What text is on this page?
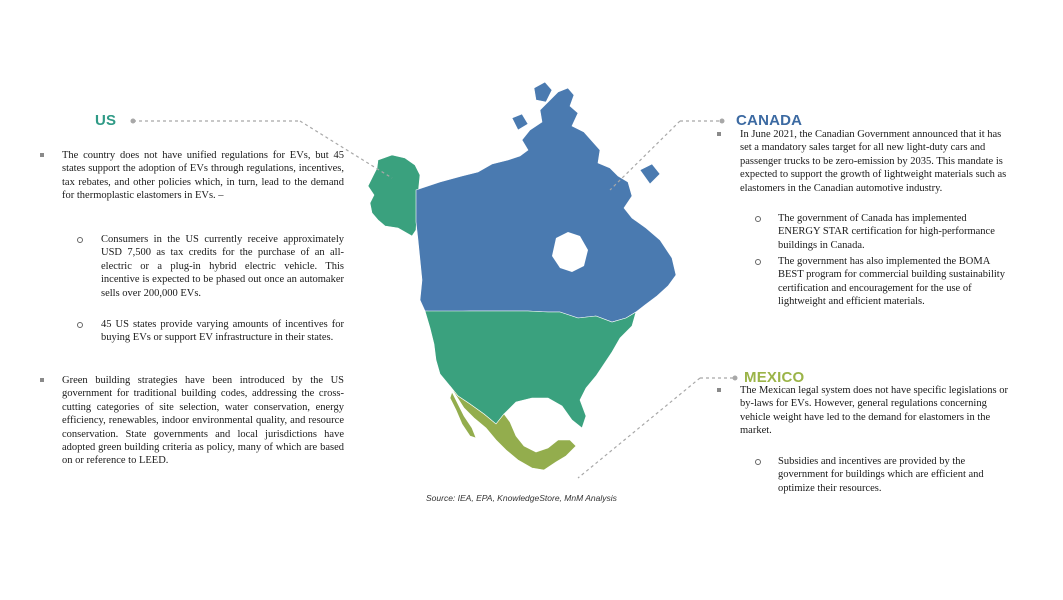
US

The country does not have unified regulations for EVs, but 45 states support the adoption of EVs through regulations, incentives, tax rebates, and other policies which, in turn, lead to the demand for thermoplastic elastomers in EVs. –

Consumers in the US currently receive approximately USD 7,500 as tax credits for the purchase of an all-electric or a plug-in hybrid electric vehicle. This incentive is expected to be phased out once an automaker sells over 200,000 EVs.

45 US states provide varying amounts of incentives for buying EVs or support EV infrastructure in their states.

Green building strategies have been introduced by the US government for traditional building codes, addressing the cross-cutting categories of site selection, water conservation, energy efficiency, renewables, indoor environmental quality, and resource conservation. State governments and local jurisdictions have adopted green building criteria as policy, many of which are based on or reference to LEED.

CANADA

In June 2021, the Canadian Government announced that it has set a mandatory sales target for all new light-duty cars and passenger trucks to be zero-emission by 2035. This mandate is expected to support the growth of lightweight materials such as elastomers in the Canadian automotive industry.

The government of Canada has implemented ENERGY STAR certification for high-performance buildings in Canada.

The government has also implemented the BOMA BEST program for commercial building sustainability certification and encouragement for the use of lightweight and efficient materials.

MEXICO

The Mexican legal system does not have specific legislations or by-laws for EVs. However, general regulations concerning vehicle weight have led to the demand for elastomers in the market.

Subsidies and incentives are provided by the government for buildings which are efficient and optimize their resources.

Source: IEA, EPA, KnowledgeStore, MnM Analysis
